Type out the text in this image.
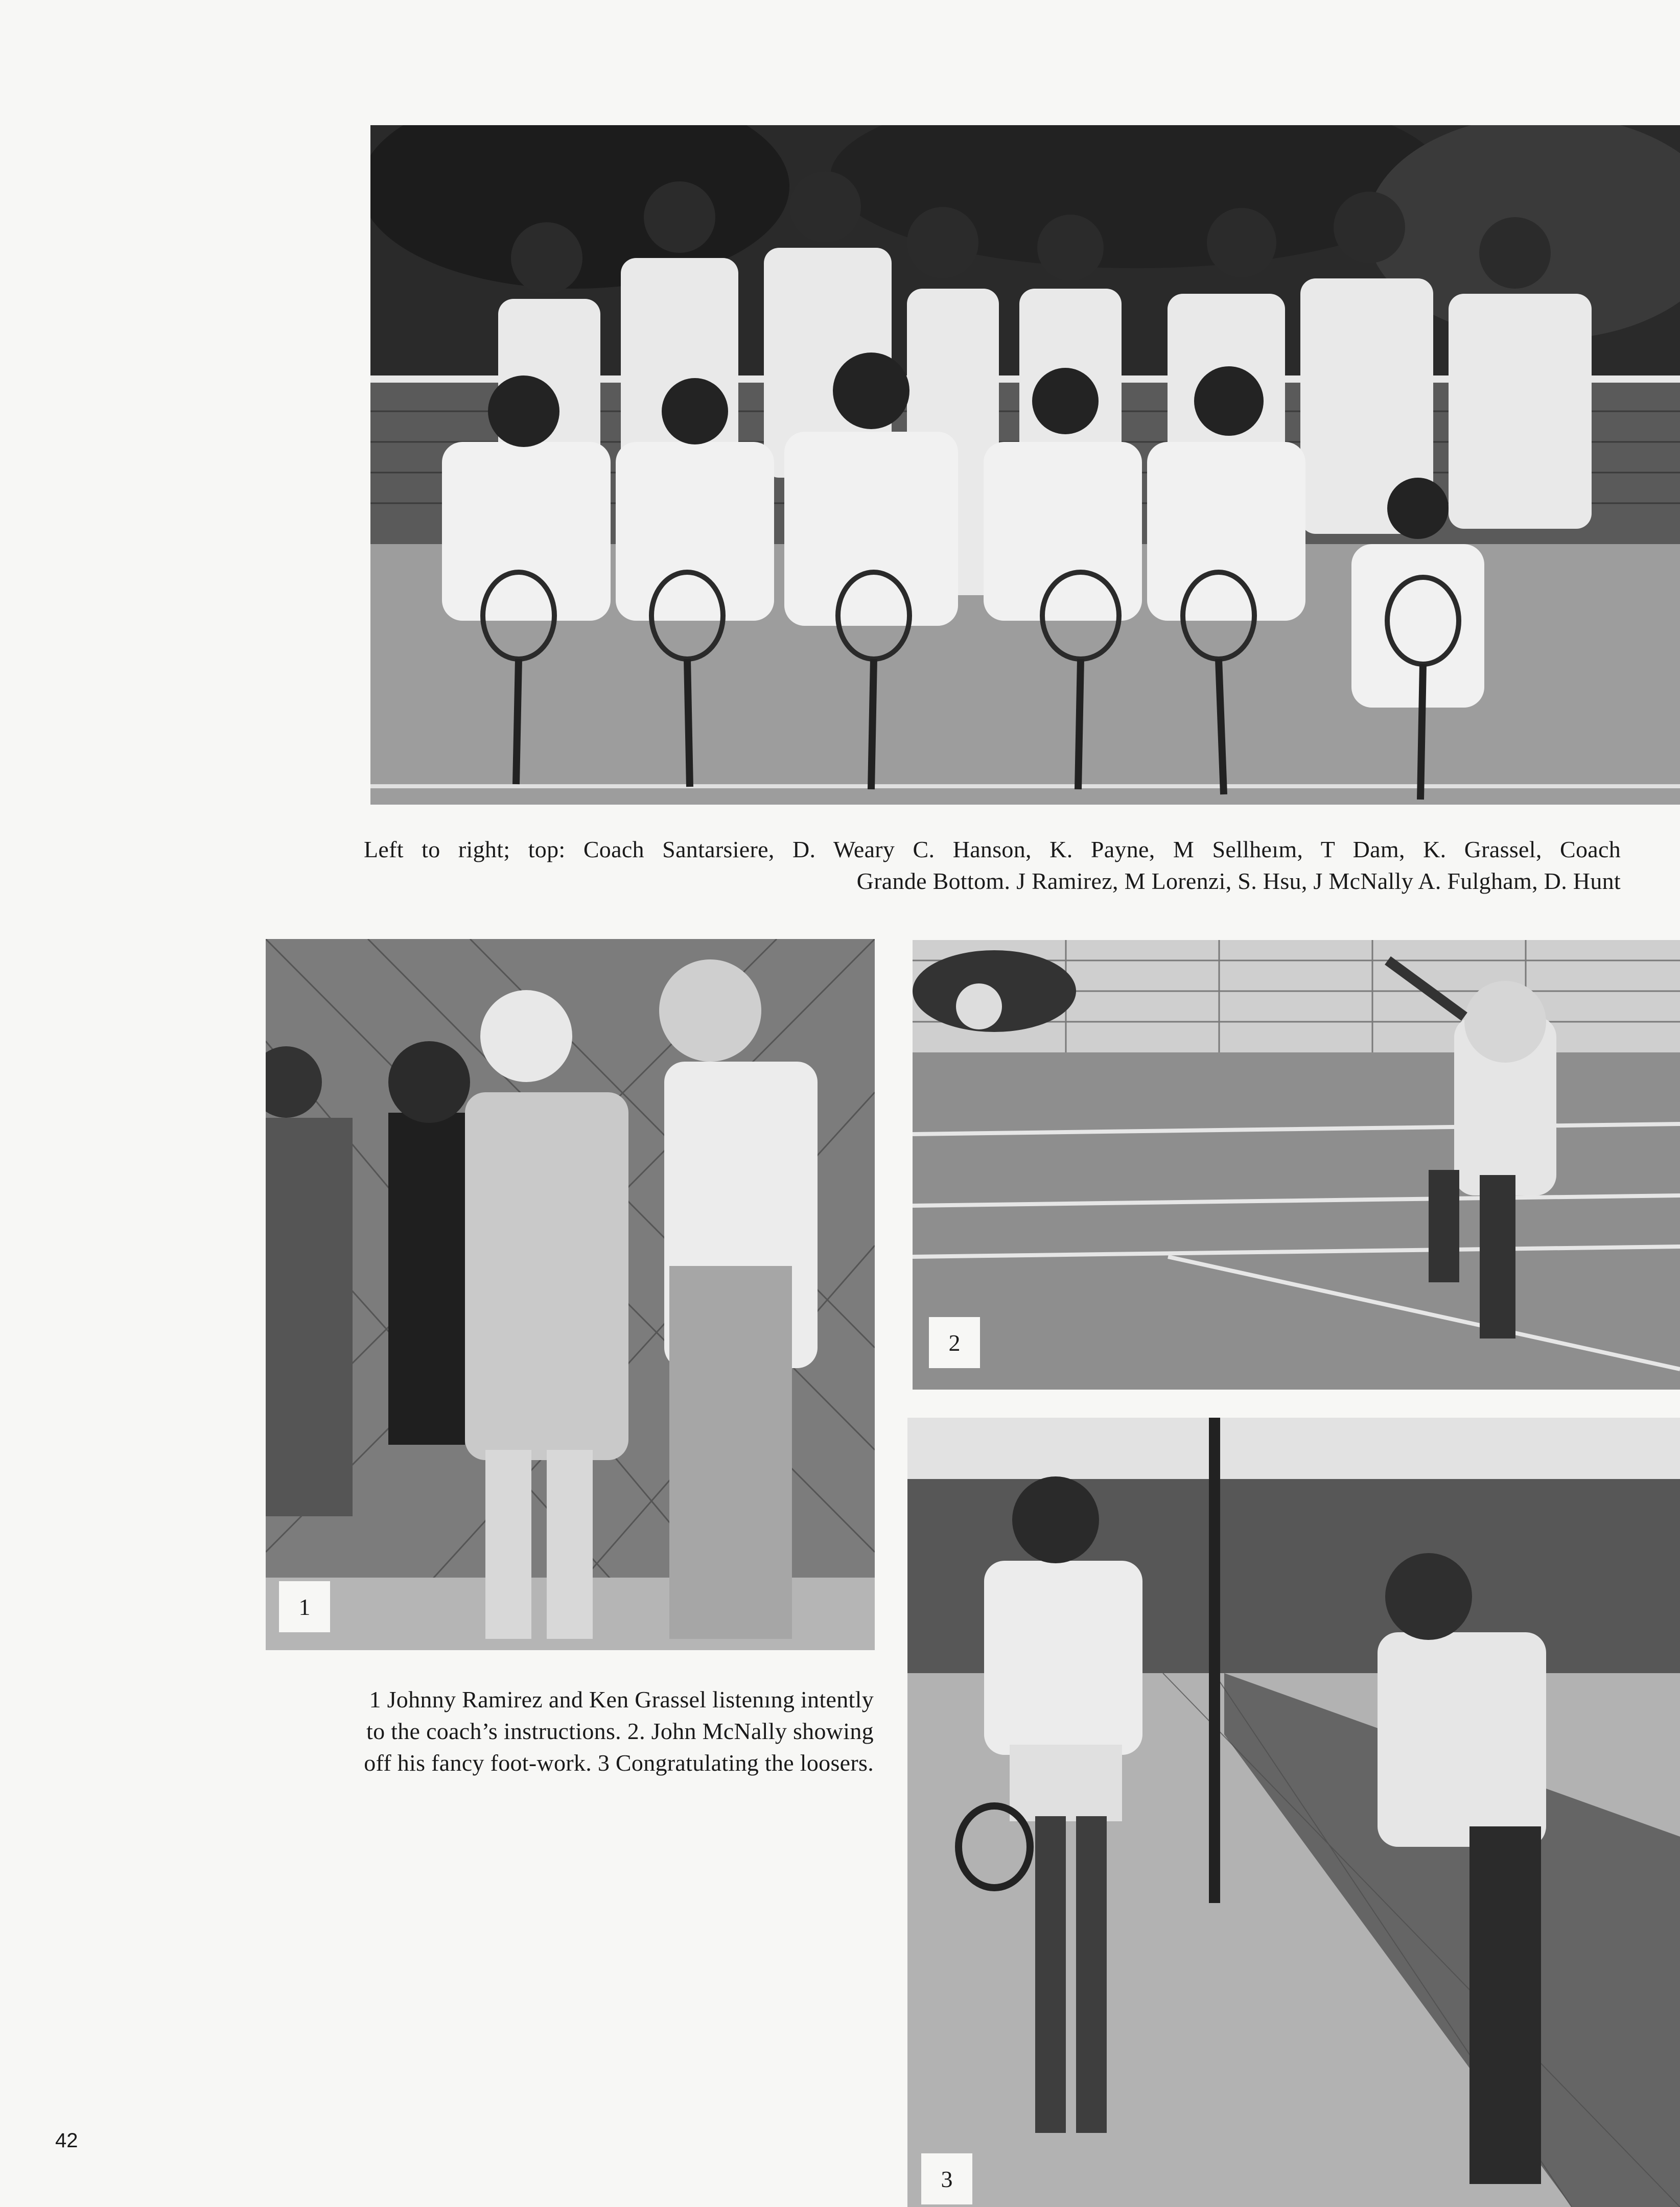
Left to right; top: Coach Santarsiere, D. Weary C. Hanson, K. Payne, M Sellheım, T Dam, K. Grassel, Coach
Grande Bottom. J Ramirez, M Lorenzi, S. Hsu, J McNally A. Fulgham, D. Hunt
1
2
3
1 Johnny Ramirez and Ken Grassel listenıng intently
to the coach’s instructions. 2. John McNally showing
off his fancy foot-work. 3 Congratulating the loosers.
42
